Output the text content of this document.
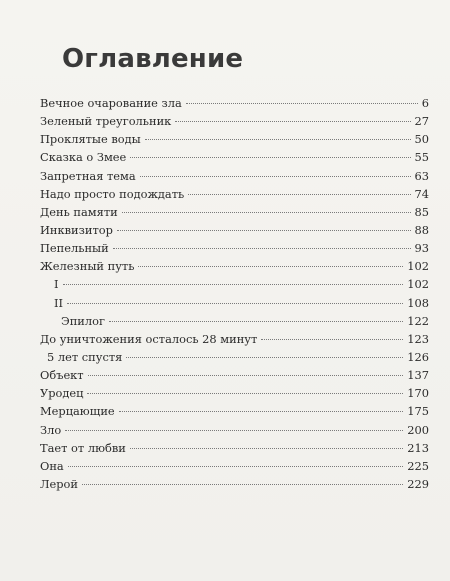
Оглавление
Вечное очарование зла	6
Зеленый треугольник	27
Проклятые воды	50
Сказка о Змее	55
Запретная тема	63
Надо просто подождать	74
День памяти	85
Инквизитор	88
Пепельный	93
Железный путь	102
I	102
II	108
Эпилог	122
До уничтожения осталось 28 минут	123
5 лет спустя	126
Объект	137
Уродец	170
Мерцающие	175
Зло	200
Тает от любви	213
Она	225
Лерой	229
